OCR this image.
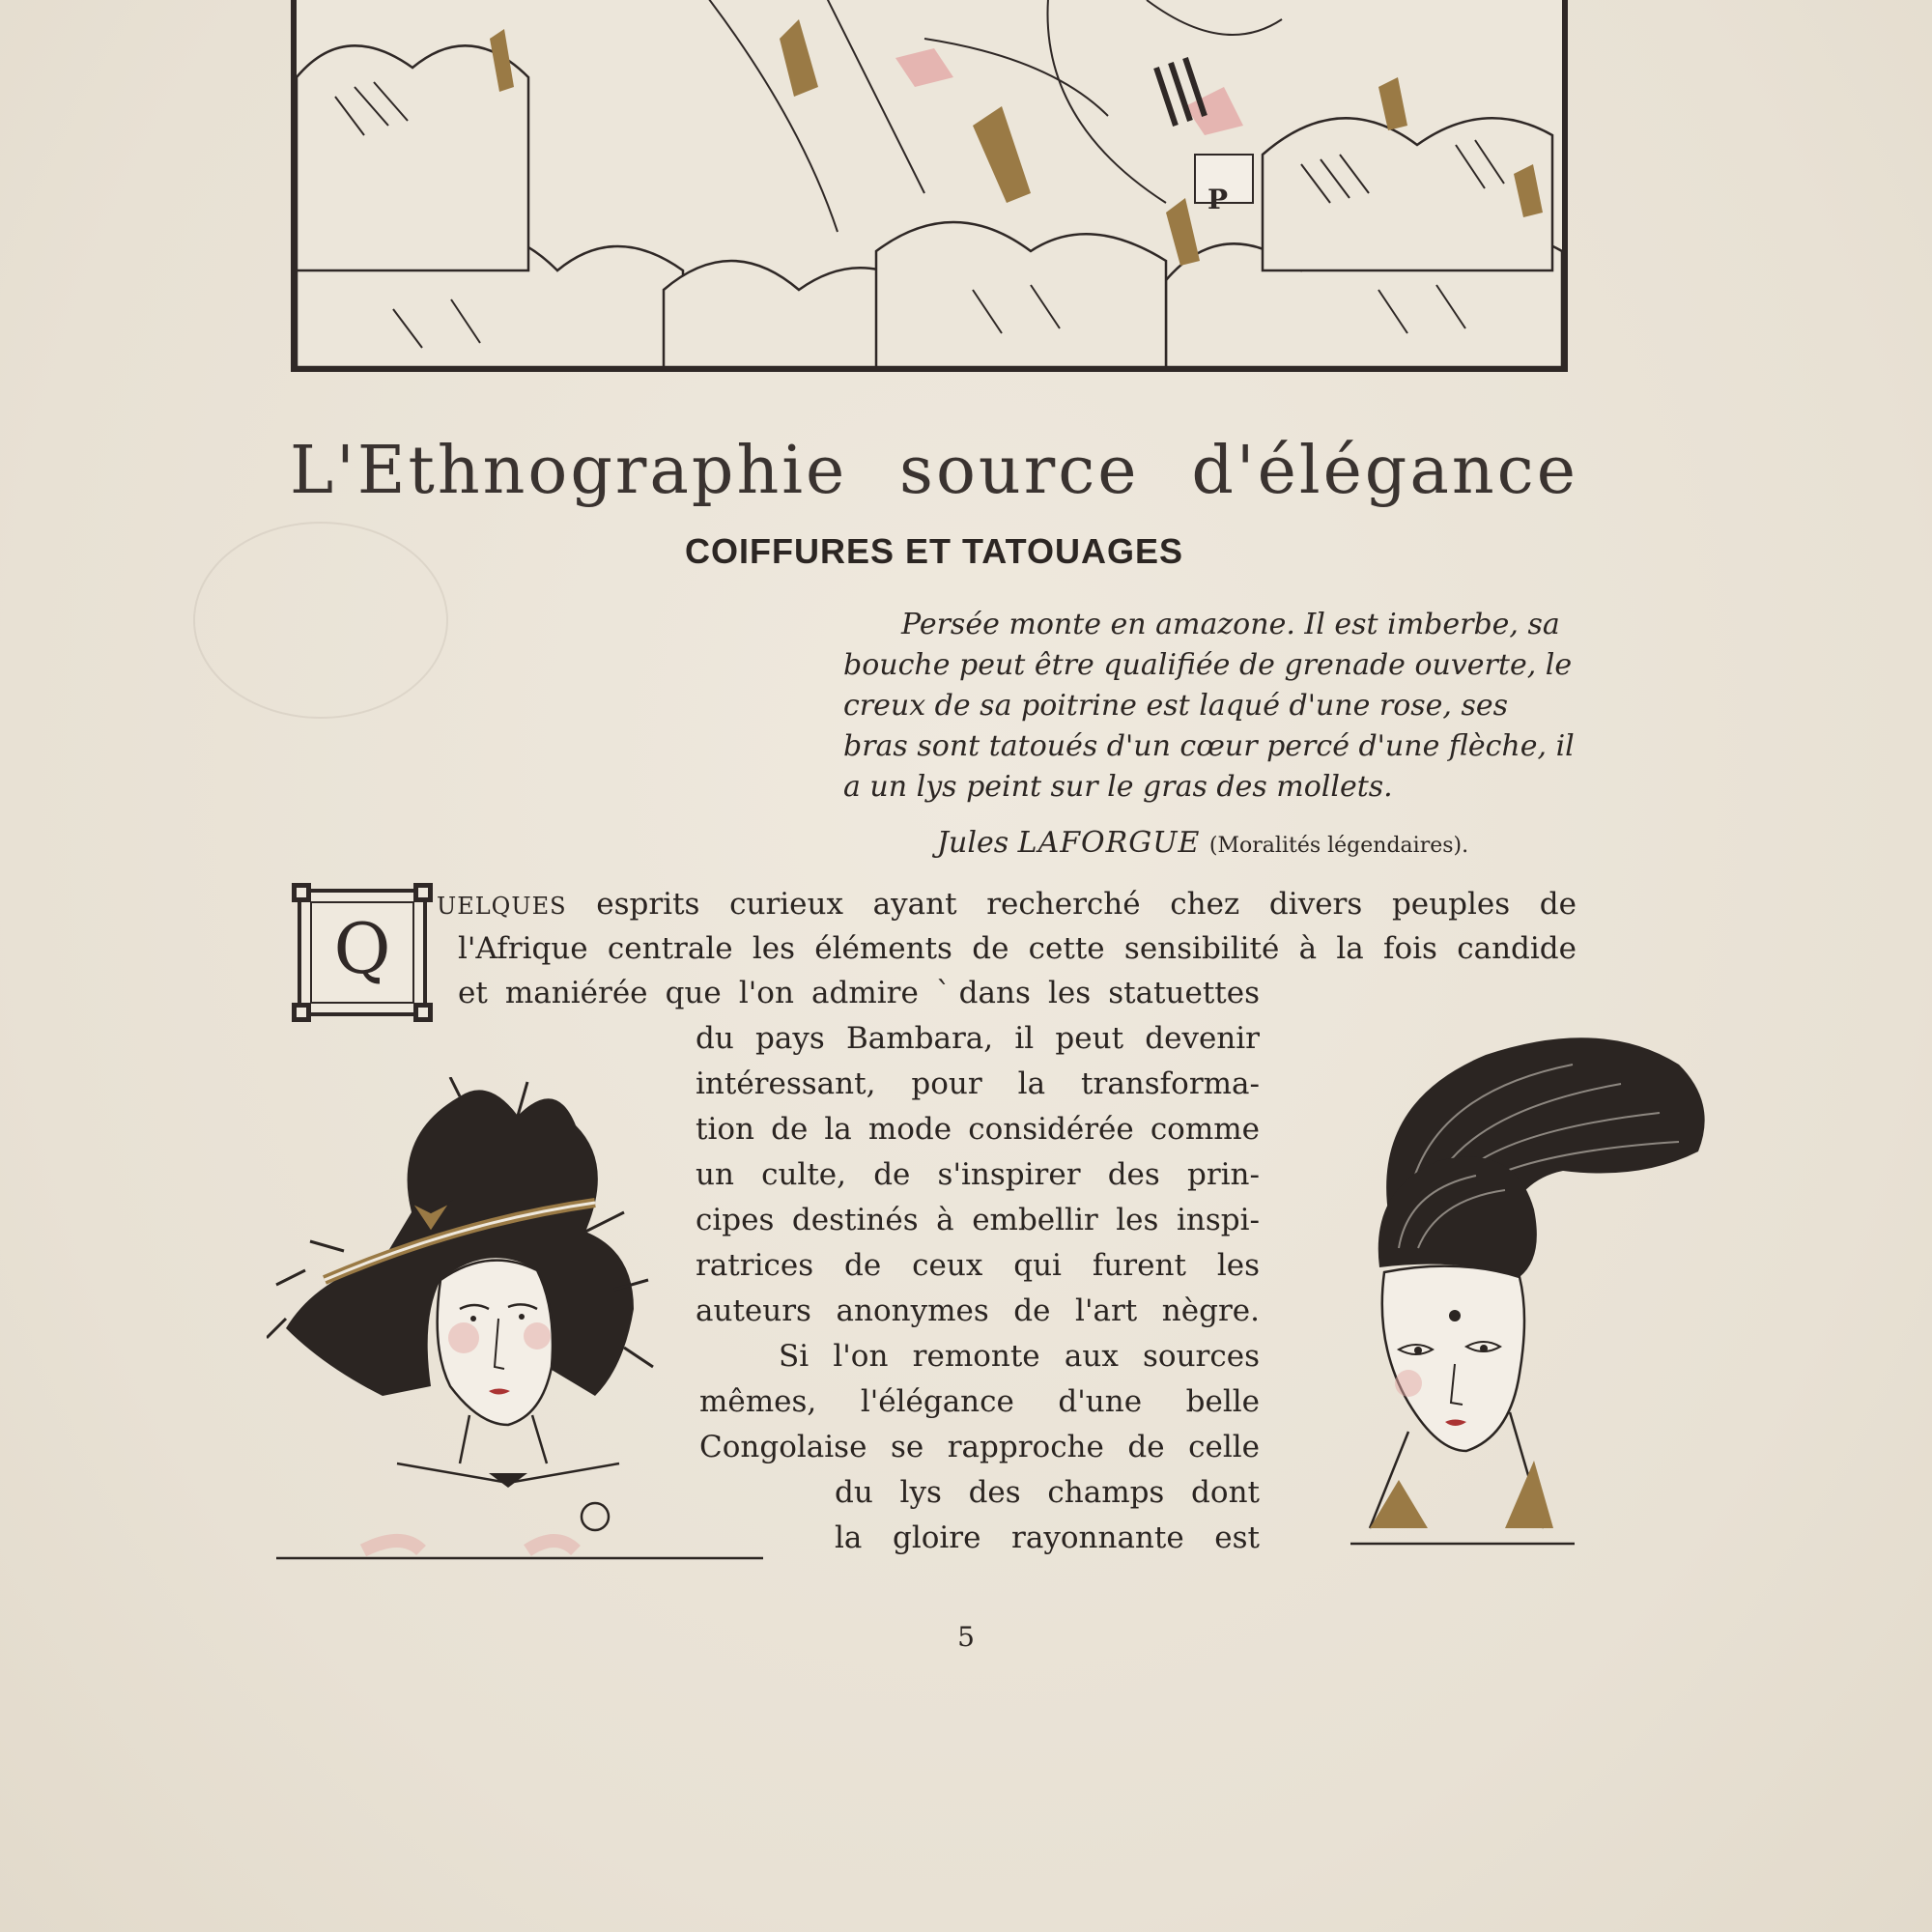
P
L'Ethnographie source d'élégance
COIFFURES ET TATOUAGES
Persée monte en amazone. Il est imberbe, sa
bouche peut être qualifiée de grenade ouverte, le
creux de sa poitrine est laqué d'une rose, ses
bras sont tatoués d'un cœur percé d'une flèche, il
a un lys peint sur le gras des mollets.
Jules LAFORGUE (Moralités légendaires).
Q
UELQUES esprits curieux ayant recherché chez divers peuples de
l'Afrique centrale les éléments de cette sensibilité à la fois candide
et maniérée que l'on admire ˋdans les statuettes
du pays Bambara, il peut devenir
intéressant, pour la transforma-
tion de la mode considérée comme
un culte, de s'inspirer des prin-
cipes destinés à embellir les inspi-
ratrices de ceux qui furent les
auteurs anonymes de l'art nègre.
Si l'on remonte aux sources
mêmes, l'élégance d'une belle
Congolaise se rapproche de celle
du lys des champs dont
la gloire rayonnante est
5
